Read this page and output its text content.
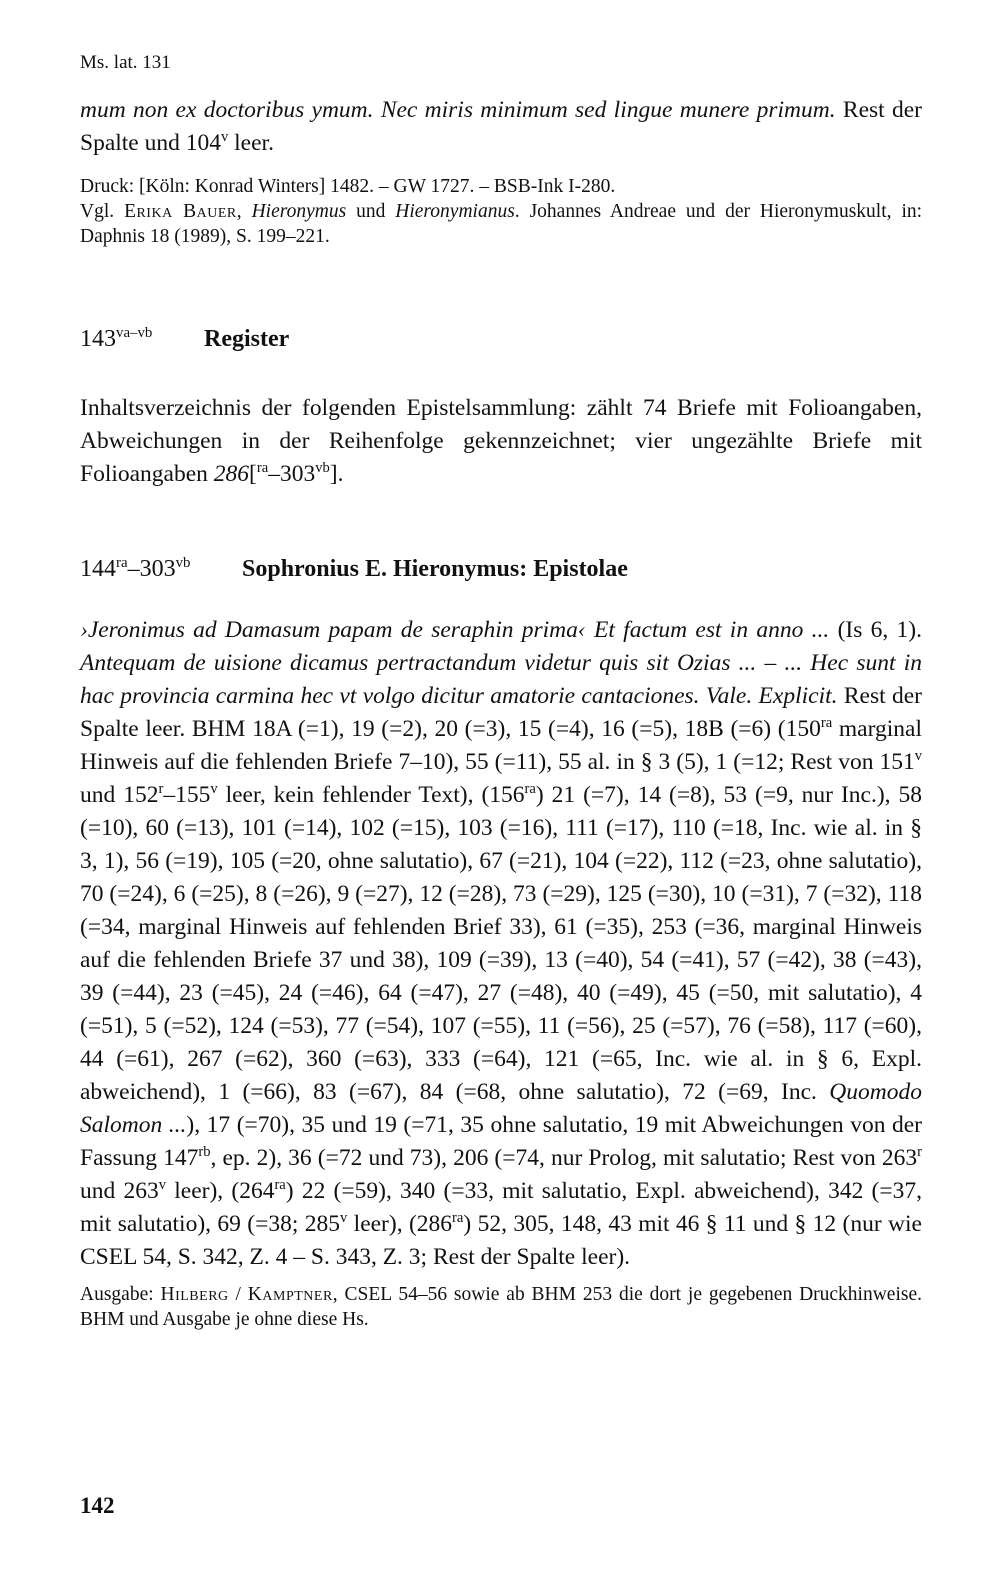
Ms. lat. 131

mum non ex doctoribus ymum. Nec miris minimum sed lingue munere primum. Rest der Spalte und 104$^v$ leer.

Druck: [Köln: Konrad Winters] 1482. – GW 1727. – BSB-Ink I-280.

Vgl. Erika Bauer, Hieronymus und Hieronymianus. Johannes Andreae und der Hieronymuskult, in: Daphnis 18 (1989), S. 199–221.

$143^{va-vb}$	Register

Inhaltsverzeichnis der folgenden Epistelsammlung: zählt 74 Briefe mit Folioangaben, Abweichungen in der Reihenfolge gekennzeichnet; vier ungezählte Briefe mit Folioangaben $286[^{ra}-303^{vb}]$.

$144^{ra}-303^{vb}$	Sophronius E. Hieronymus: Epistolae

›Jeronimus ad Damasum papam de seraphin prima‹ Et factum est in anno ... (Is 6, 1). Antequam de uisione dicamus pertractandum videtur quis sit Ozias ... – ... Hec sunt in hac provincia carmina hec vt volgo dicitur amatorie cantaciones. Vale. Explicit. Rest der Spalte leer. BHM 18A (=1), 19 (=2), 20 (=3), 15 (=4), 16 (=5), 18B (=6) ($150^{ra}$ marginal Hinweis auf die fehlenden Briefe 7–10), 55 (=11), 55 al. in § 3 (5), 1 (=12; Rest von 151$^v$ und 152$^r$–155$^v$ leer, kein fehlender Text), $(156^{ra})$ 21 (=7), 14 (=8), 53 (=9, nur Inc.), 58 (=10), 60 (=13), 101 (=14), 102 (=15), 103 (=16), 111 (=17), 110 (=18, Inc. wie al. in § 3, 1), 56 (=19), 105 (=20, ohne salutatio), 67 (=21), 104 (=22), 112 (=23, ohne salutatio), 70 (=24), 6 (=25), 8 (=26), 9 (=27), 12 (=28), 73 (=29), 125 (=30), 10 (=31), 7 (=32), 118 (=34, marginal Hinweis auf fehlenden Brief 33), 61 (=35), 253 (=36, marginal Hinweis auf die fehlenden Briefe 37 und 38), 109 (=39), 13 (=40), 54 (=41), 57 (=42), 38 (=43), 39 (=44), 23 (=45), 24 (=46), 64 (=47), 27 (=48), 40 (=49), 45 (=50, mit salutatio), 4 (=51), 5 (=52), 124 (=53), 77 (=54), 107 (=55), 11 (=56), 25 (=57), 76 (=58), 117 (=60), 44 (=61), 267 (=62), 360 (=63), 333 (=64), 121 (=65, Inc. wie al. in § 6, Expl. abweichend), 1 (=66), 83 (=67), 84 (=68, ohne salutatio), 72 (=69, Inc. Quomodo Salomon ...), 17 (=70), 35 und 19 (=71, 35 ohne salutatio, 19 mit Abweichungen von der Fassung $147^{rb}$, ep. 2), 36 (=72 und 73), 206 (=74, nur Prolog, mit salutatio; Rest von 263$^r$ und 263$^v$ leer), $(264^{ra})$ 22 (=59), 340 (=33, mit salutatio, Expl. abweichend), 342 (=37, mit salutatio), 69 (=38; 285$^v$ leer), $(286^{ra})$ 52, 305, 148, 43 mit 46 § 11 und § 12 (nur wie CSEL 54, S. 342, Z. 4 – S. 343, Z. 3; Rest der Spalte leer).

Ausgabe: Hilberg / Kamptner, CSEL 54–56 sowie ab BHM 253 die dort je gegebenen Druckhinweise. BHM und Ausgabe je ohne diese Hs.

142
